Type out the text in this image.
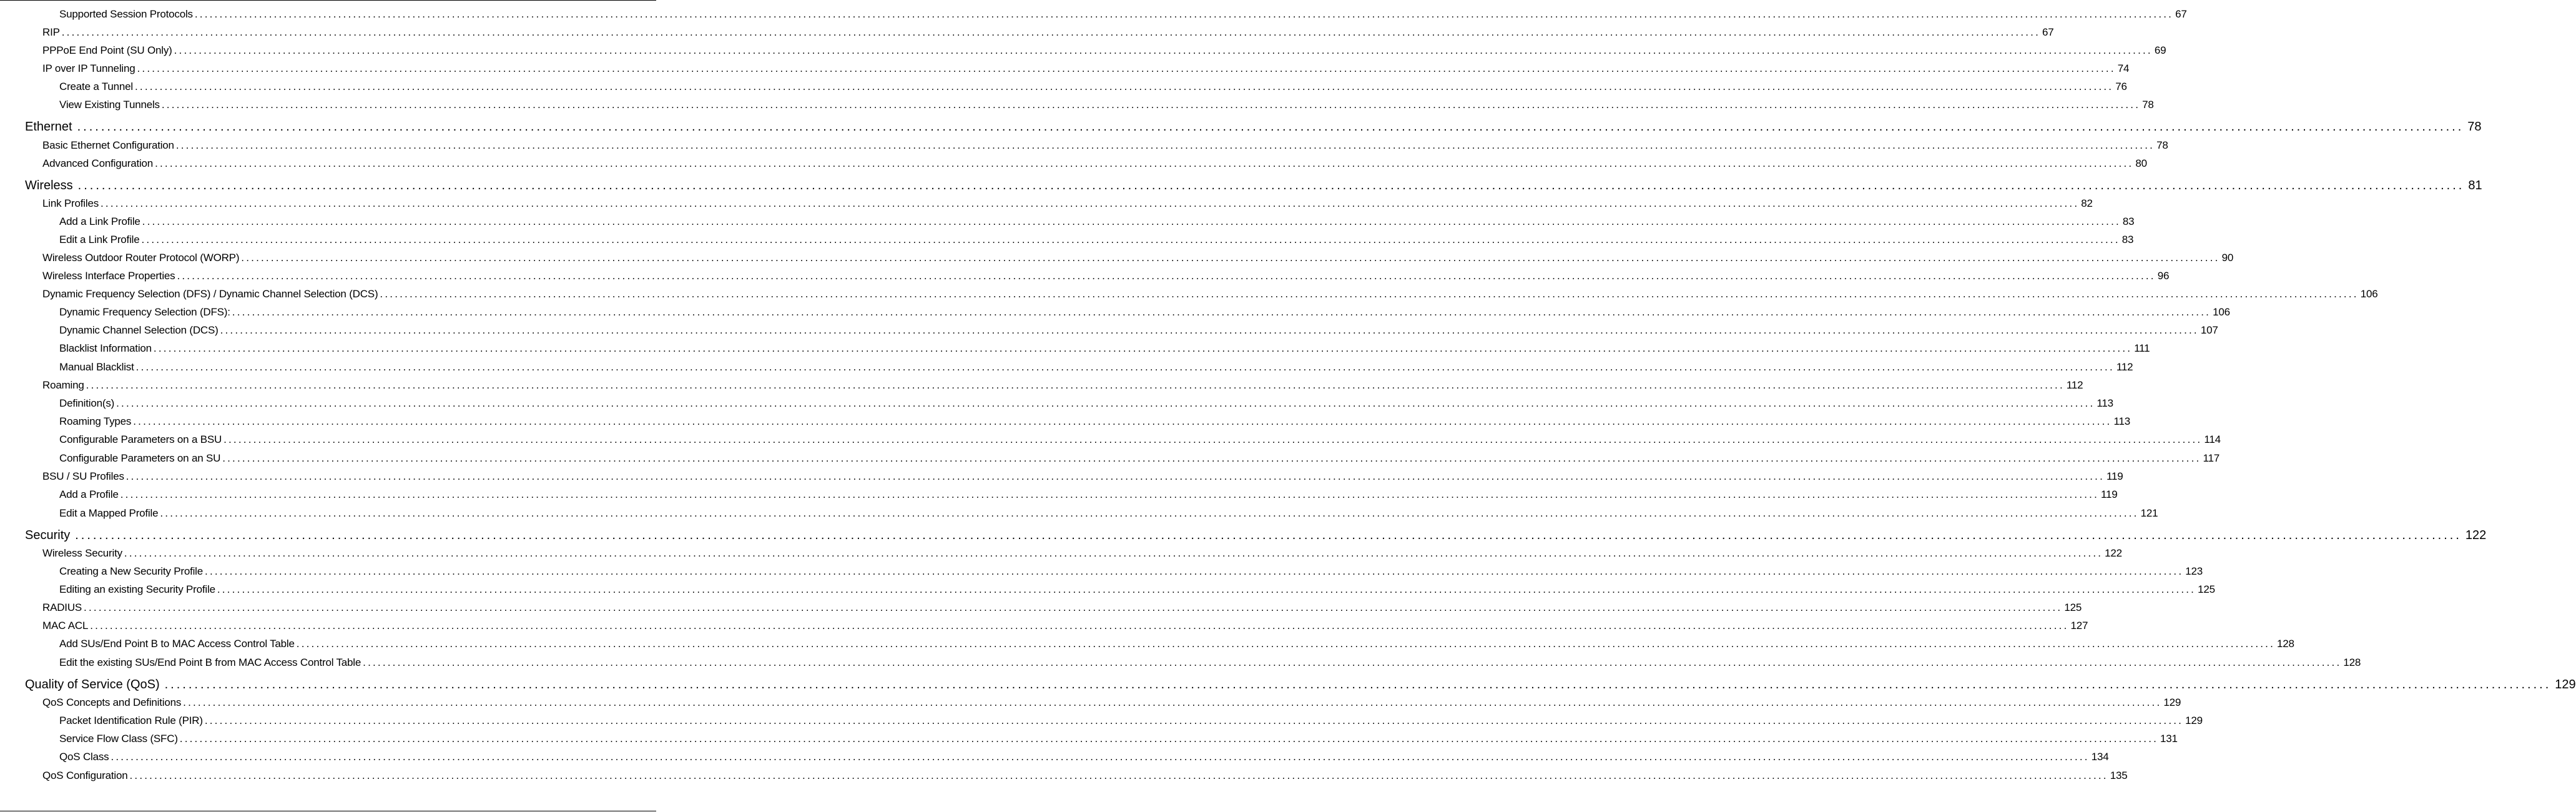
Supported Session Protocols ................................................................................................................................................................................................................................................................................................................................................................................................................ 67
RIP ................................................................................................................................................................................................................................................................................................................................................................................................................ 67
PPPoE End Point (SU Only) ................................................................................................................................................................................................................................................................................................................................................................................................................ 69
IP over IP Tunneling ................................................................................................................................................................................................................................................................................................................................................................................................................ 74
Create a Tunnel ................................................................................................................................................................................................................................................................................................................................................................................................................ 76
View Existing Tunnels ................................................................................................................................................................................................................................................................................................................................................................................................................ 78
Ethernet ................................................................................................................................................................................................................................................................................................................................................................................................................ 78
Basic Ethernet Configuration ................................................................................................................................................................................................................................................................................................................................................................................................................ 78
Advanced Configuration ................................................................................................................................................................................................................................................................................................................................................................................................................ 80
Wireless ................................................................................................................................................................................................................................................................................................................................................................................................................ 81
Link Profiles ................................................................................................................................................................................................................................................................................................................................................................................................................ 82
Add a Link Profile ................................................................................................................................................................................................................................................................................................................................................................................................................ 83
Edit a Link Profile ................................................................................................................................................................................................................................................................................................................................................................................................................ 83
Wireless Outdoor Router Protocol (WORP) ................................................................................................................................................................................................................................................................................................................................................................................................................ 90
Wireless Interface Properties ................................................................................................................................................................................................................................................................................................................................................................................................................ 96
Dynamic Frequency Selection (DFS) / Dynamic Channel Selection (DCS) ................................................................................................................................................................................................................................................................................................................................................................................................................ 106
Dynamic Frequency Selection (DFS): ................................................................................................................................................................................................................................................................................................................................................................................................................ 106
Dynamic Channel Selection (DCS) ................................................................................................................................................................................................................................................................................................................................................................................................................ 107
Blacklist Information ................................................................................................................................................................................................................................................................................................................................................................................................................ 111
Manual Blacklist ................................................................................................................................................................................................................................................................................................................................................................................................................ 112
Roaming ................................................................................................................................................................................................................................................................................................................................................................................................................ 112
Definition(s) ................................................................................................................................................................................................................................................................................................................................................................................................................ 113
Roaming Types ................................................................................................................................................................................................................................................................................................................................................................................................................ 113
Configurable Parameters on a BSU ................................................................................................................................................................................................................................................................................................................................................................................................................ 114
Configurable Parameters on an SU ................................................................................................................................................................................................................................................................................................................................................................................................................ 117
BSU / SU Profiles ................................................................................................................................................................................................................................................................................................................................................................................................................ 119
Add a Profile ................................................................................................................................................................................................................................................................................................................................................................................................................ 119
Edit a Mapped Profile ................................................................................................................................................................................................................................................................................................................................................................................................................ 121
Security ................................................................................................................................................................................................................................................................................................................................................................................................................ 122
Wireless Security ................................................................................................................................................................................................................................................................................................................................................................................................................ 122
Creating a New Security Profile ................................................................................................................................................................................................................................................................................................................................................................................................................ 123
Editing an existing Security Profile ................................................................................................................................................................................................................................................................................................................................................................................................................ 125
RADIUS ................................................................................................................................................................................................................................................................................................................................................................................................................ 125
MAC ACL ................................................................................................................................................................................................................................................................................................................................................................................................................ 127
Add SUs/End Point B to MAC Access Control Table ................................................................................................................................................................................................................................................................................................................................................................................................................ 128
Edit the existing SUs/End Point B from MAC Access Control Table ................................................................................................................................................................................................................................................................................................................................................................................................................ 128
Quality of Service (QoS) ................................................................................................................................................................................................................................................................................................................................................................................................................ 129
QoS Concepts and Definitions ................................................................................................................................................................................................................................................................................................................................................................................................................ 129
Packet Identification Rule (PIR) ................................................................................................................................................................................................................................................................................................................................................................................................................ 129
Service Flow Class (SFC) ................................................................................................................................................................................................................................................................................................................................................................................................................ 131
QoS Class ................................................................................................................................................................................................................................................................................................................................................................................................................ 134
QoS Configuration ................................................................................................................................................................................................................................................................................................................................................................................................................ 135
